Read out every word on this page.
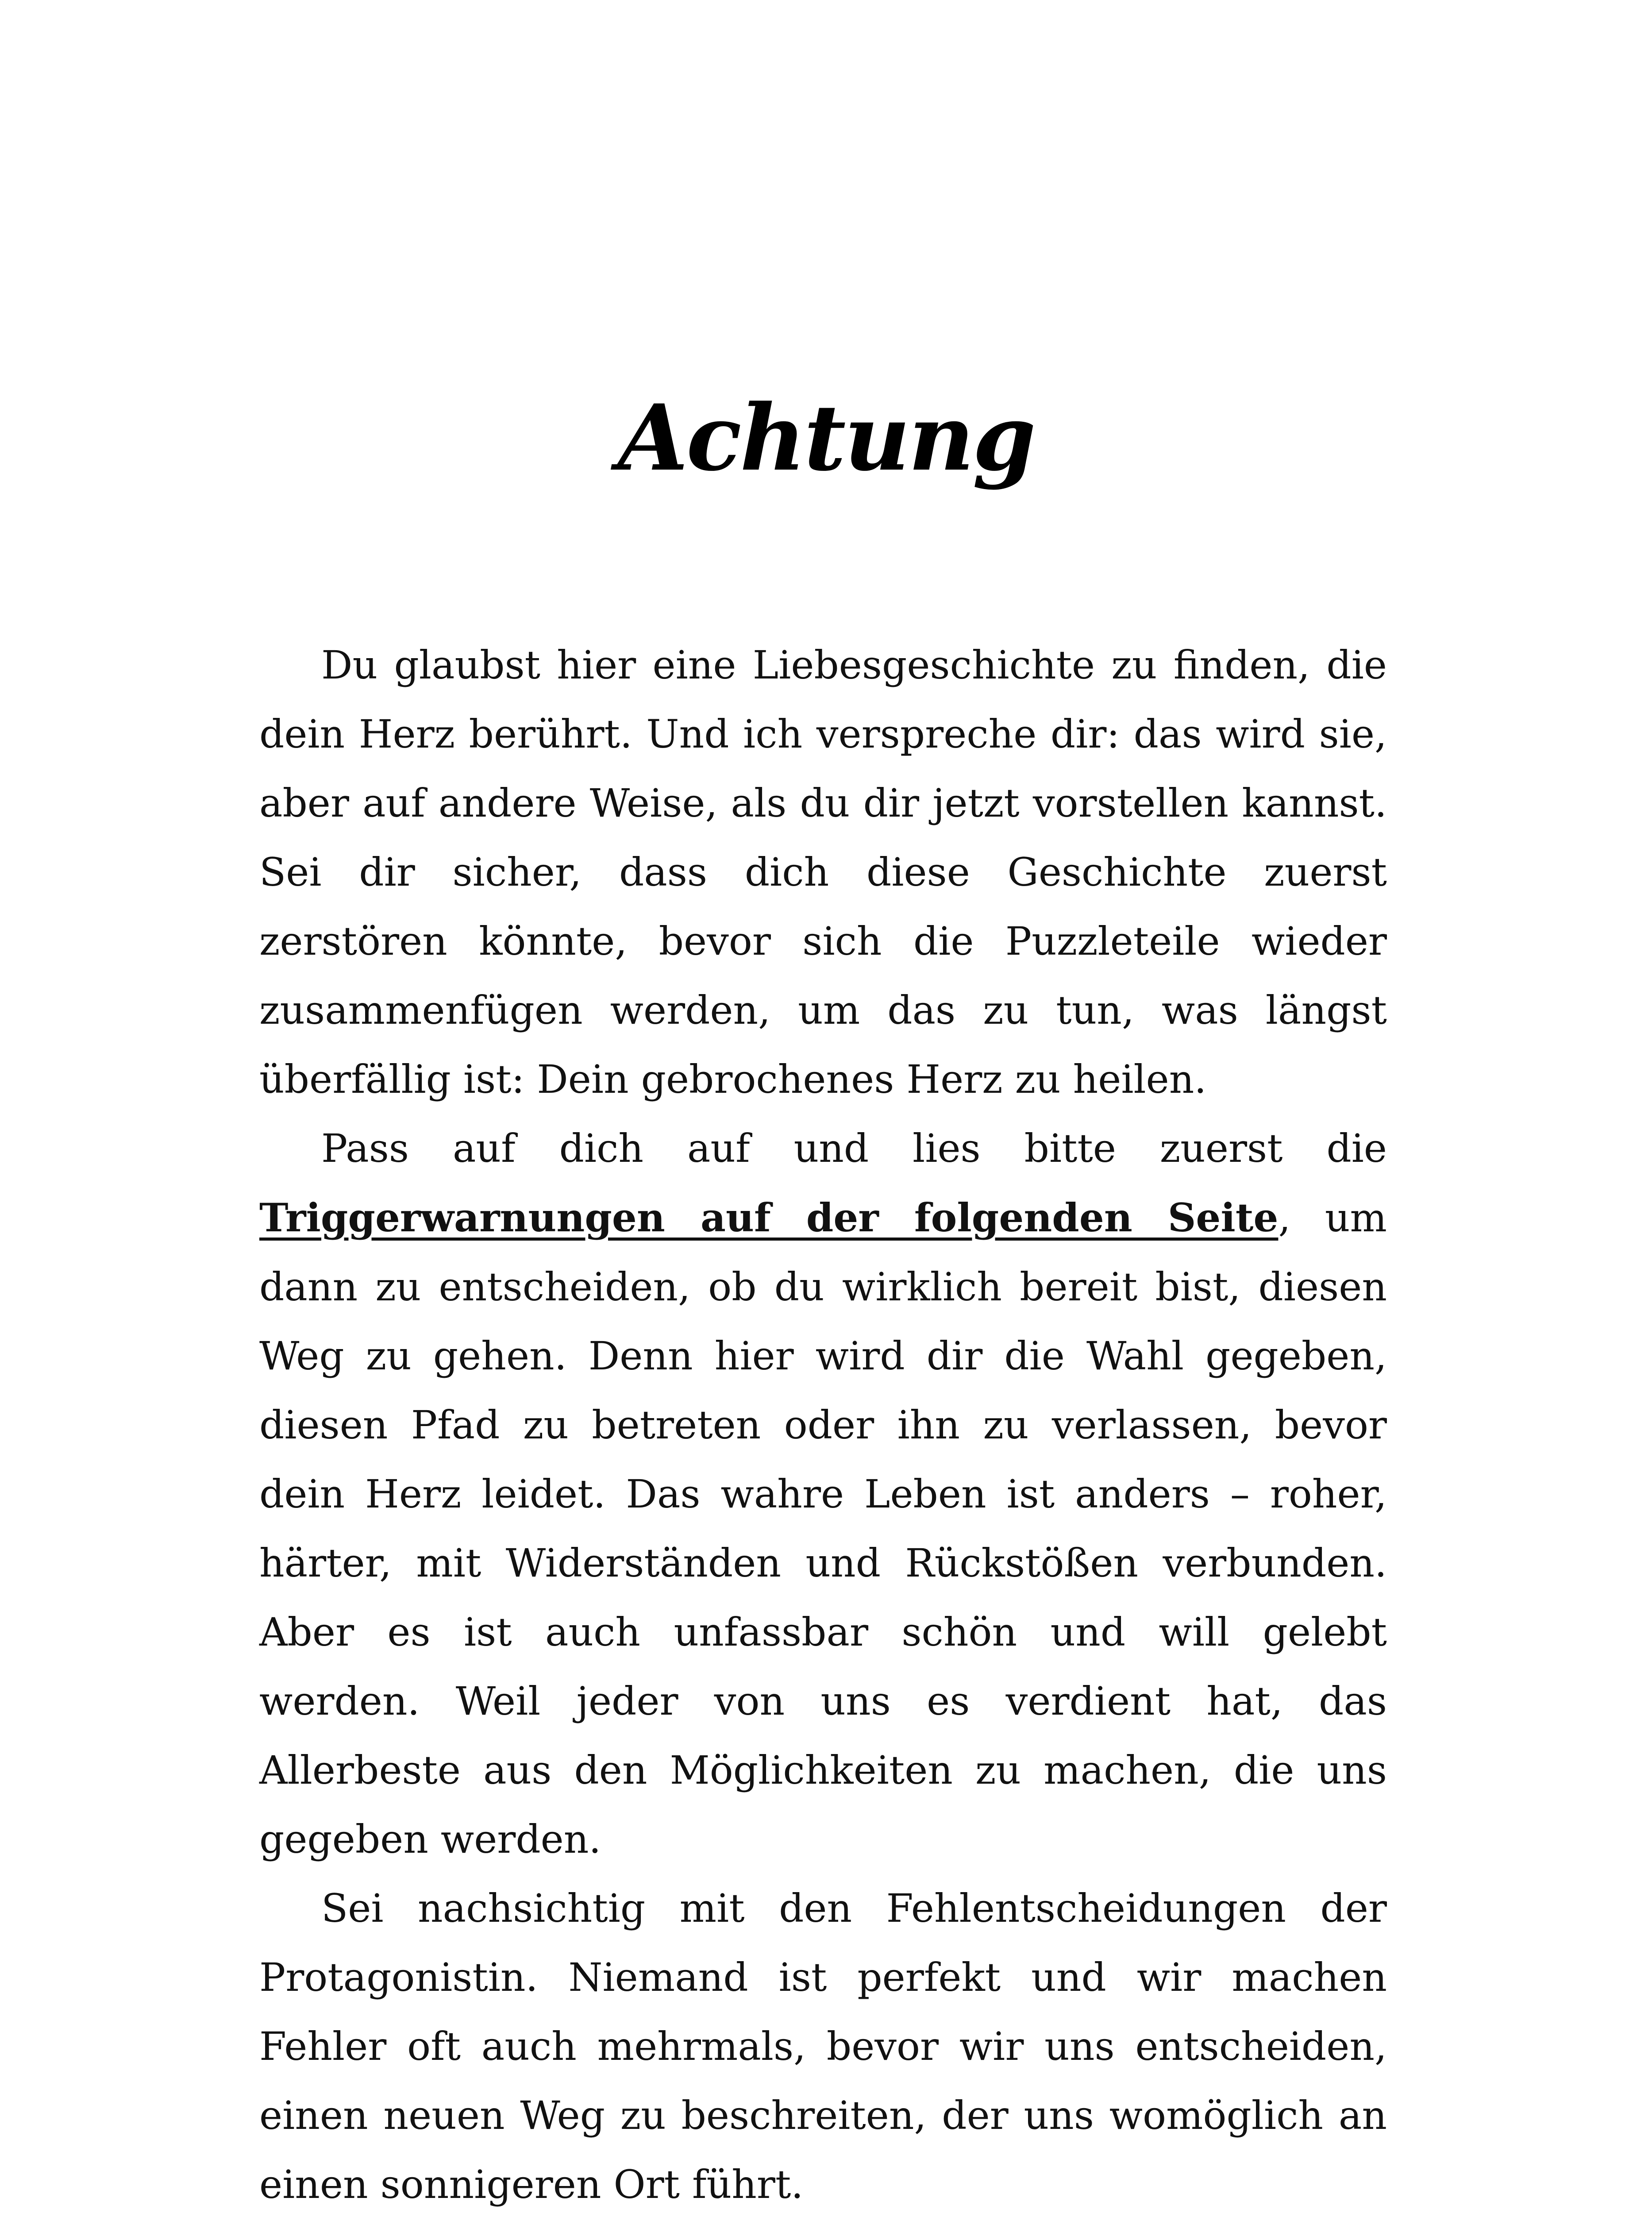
Achtung

Du glaubst hier eine Liebesgeschichte zu finden, die dein Herz berührt. Und ich verspreche dir: das wird sie, aber auf andere Weise, als du dir jetzt vorstellen kannst. Sei dir sicher, dass dich diese Geschichte zuerst zerstören könnte, bevor sich die Puzzleteile wieder zusammenfügen werden, um das zu tun, was längst überfällig ist: Dein gebrochenes Herz zu heilen.

Pass auf dich auf und lies bitte zuerst die Triggerwarnungen auf der folgenden Seite, um dann zu entscheiden, ob du wirklich bereit bist, diesen Weg zu gehen. Denn hier wird dir die Wahl gegeben, diesen Pfad zu betreten oder ihn zu verlassen, bevor dein Herz leidet. Das wahre Leben ist anders – roher, härter, mit Widerständen und Rückstößen verbunden. Aber es ist auch unfassbar schön und will gelebt werden. Weil jeder von uns es verdient hat, das Allerbeste aus den Möglichkeiten zu machen, die uns gegeben werden.

Sei nachsichtig mit den Fehlentscheidungen der Protagonistin. Niemand ist perfekt und wir machen Fehler oft auch mehrmals, bevor wir uns entscheiden, einen neuen Weg zu beschreiten, der uns womöglich an einen sonnigeren Ort führt.
